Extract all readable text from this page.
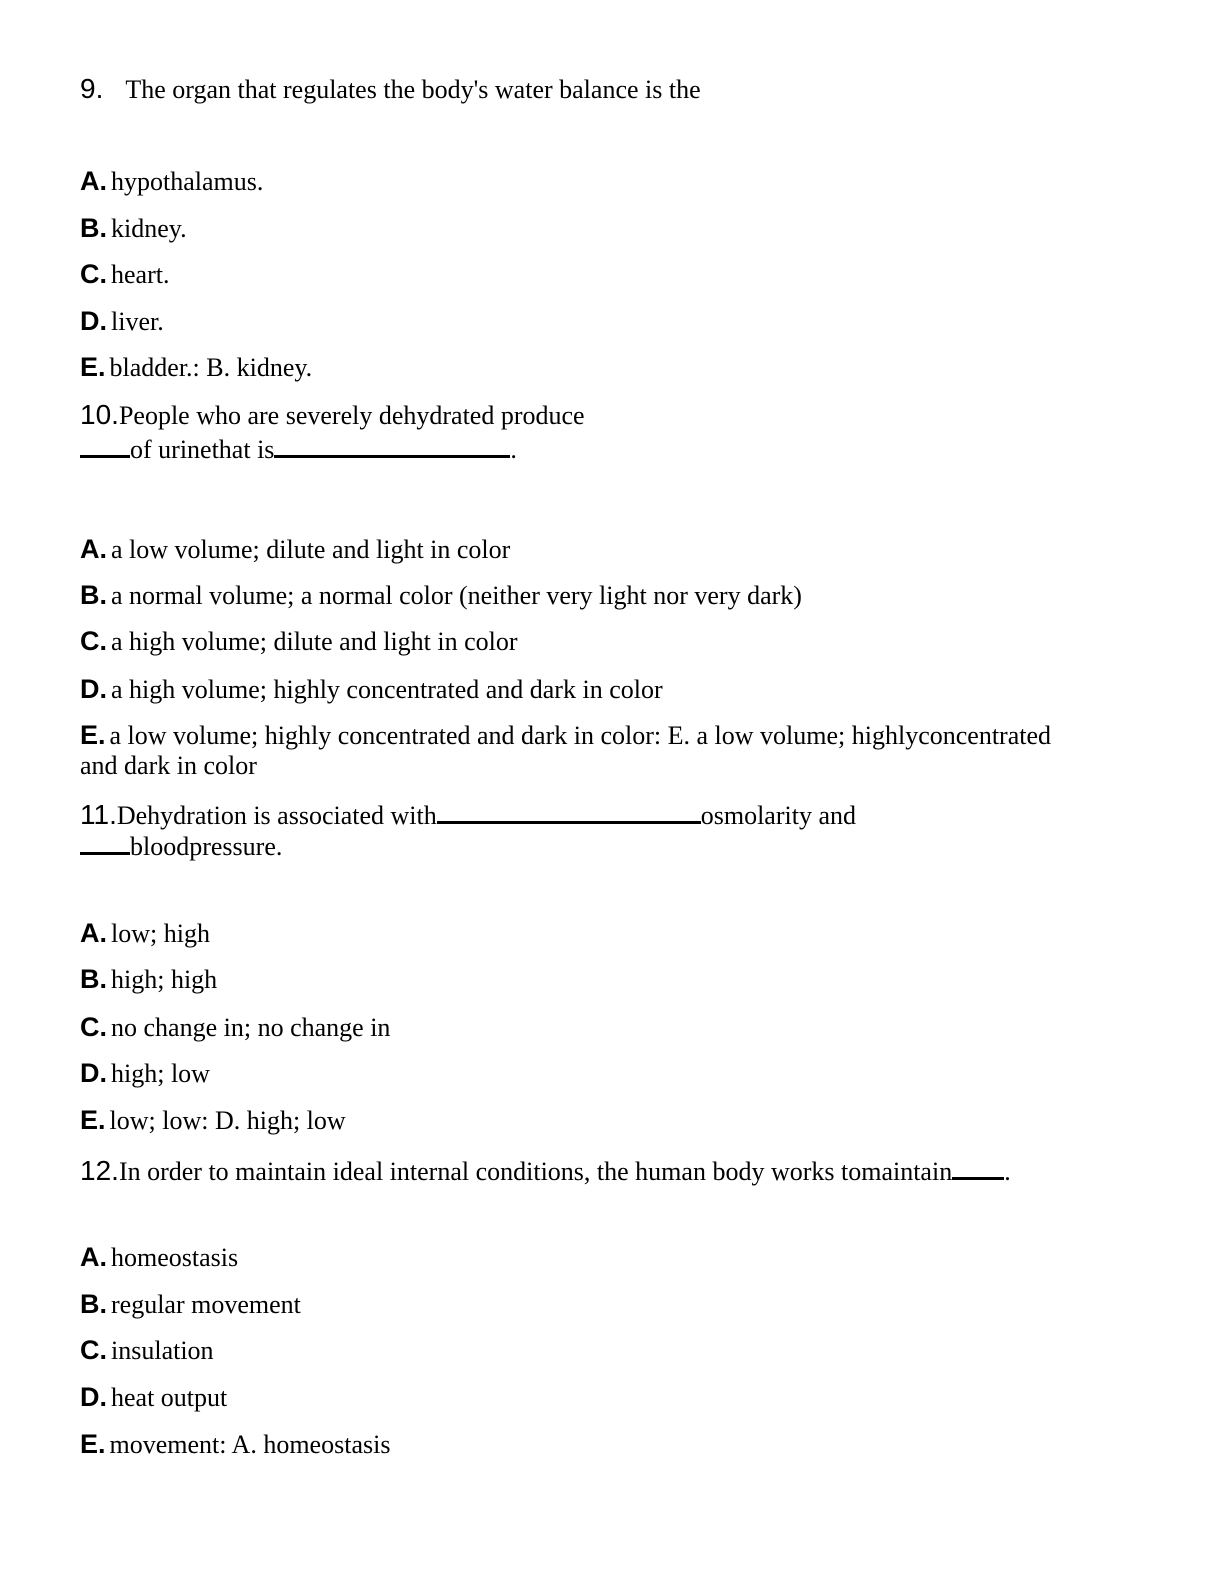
9. The organ that regulates the body's water balance is the
A. hypothalamus.
B. kidney.
C. heart.
D. liver.
E. bladder.: B. kidney.
10.People who are severely dehydrated produce
of urinethat is	.
A. a low volume; dilute and light in color
B. a normal volume; a normal color (neither very light nor very dark)
C. a high volume; dilute and light in color
D. a high volume; highly concentrated and dark in color
E. a low volume; highly concentrated and dark in color: E. a low volume; highlyconcentrated
and dark in color
11.Dehydration is associated with	osmolarity and
bloodpressure.
A. low; high
B. high; high
C. no change in; no change in
D. high; low
E. low; low: D. high; low
12.In order to maintain ideal internal conditions, the human body works tomaintain .
A. homeostasis
B. regular movement
C. insulation
D. heat output
E. movement: A. homeostasis
